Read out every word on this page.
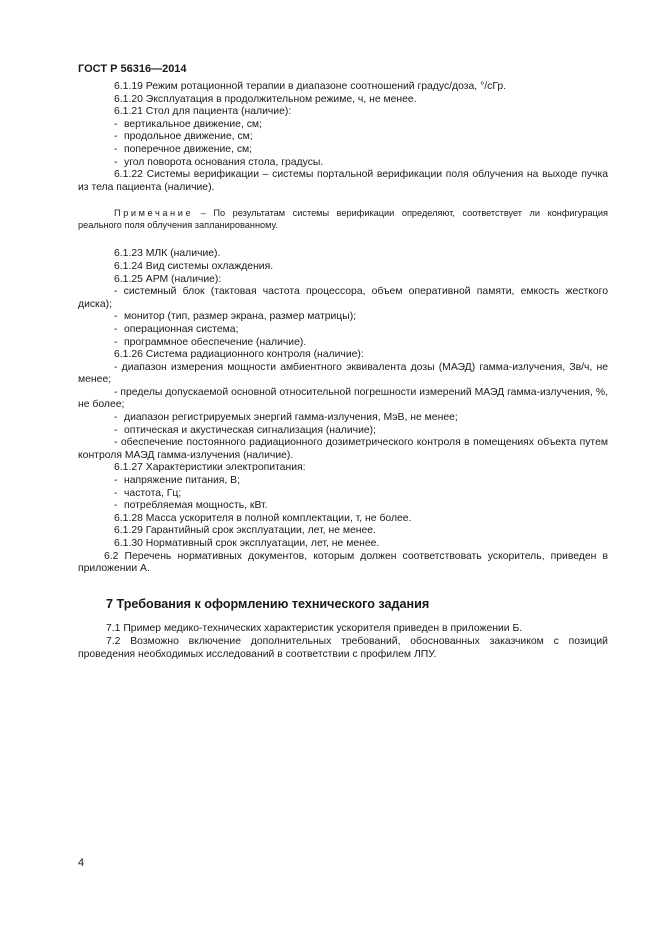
ГОСТ Р 56316—2014

6.1.19 Режим ротационной терапии в диапазоне соотношений градус/доза, °/сГр.

6.1.20 Эксплуатация в продолжительном режиме, ч, не менее.

6.1.21 Стол для пациента (наличие):

- вертикальное движение, см;

- продольное движение, см;

- поперечное движение, см;

- угол поворота основания стола, градусы.

6.1.22 Системы верификации – системы портальной верификации поля облучения на выходе пучка из тела пациента (наличие).

Примечание – По результатам системы верификации определяют, соответствует ли конфигурация реального поля облучения запланированному.

6.1.23 МЛК (наличие).

6.1.24 Вид системы охлаждения.

6.1.25 АРМ (наличие):

- системный блок (тактовая частота процессора, объем оперативной памяти, емкость жесткого диска);

- монитор (тип, размер экрана, размер матрицы);

- операционная система;

- программное обеспечение (наличие).

6.1.26 Система радиационного контроля (наличие):

- диапазон измерения мощности амбиентного эквивалента дозы (МАЭД) гамма-излучения, Зв/ч, не менее;

- пределы допускаемой основной относительной погрешности измерений МАЭД гамма-излучения, %, не более;

- диапазон регистрируемых энергий гамма-излучения, МэВ, не менее;

- оптическая и акустическая сигнализация (наличие);

- обеспечение постоянного радиационного дозиметрического контроля в помещениях объекта путем контроля МАЭД гамма-излучения (наличие).

6.1.27 Характеристики электропитания:

- напряжение питания, В;

- частота, Гц;

- потребляемая мощность, кВт.

6.1.28 Масса ускорителя в полной комплектации, т, не более.

6.1.29 Гарантийный срок эксплуатации, лет, не менее.

6.1.30 Нормативный срок эксплуатации, лет, не менее.

6.2 Перечень нормативных документов, которым должен соответствовать ускоритель, приведен в приложении А.

7 Требования к оформлению технического задания

7.1 Пример медико-технических характеристик ускорителя приведен в приложении Б.

7.2 Возможно включение дополнительных требований, обоснованных заказчиком с позиций проведения необходимых исследований в соответствии с профилем ЛПУ.

4
